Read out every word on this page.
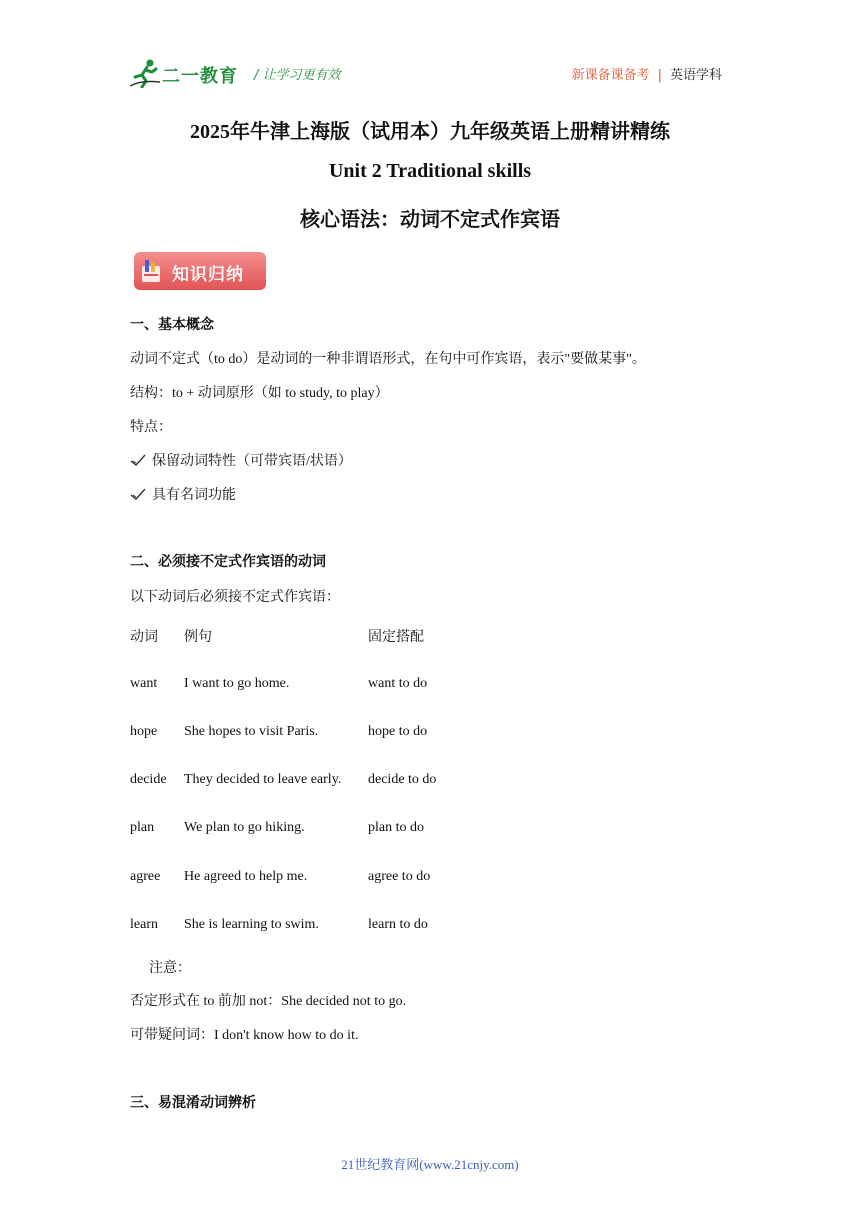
二一教育 / 让学习更有效	新课备课备考 | 英语学科
2025年牛津上海版（试用本）九年级英语上册精讲精练
Unit 2 Traditional skills
核心语法：动词不定式作宾语
知识归纳
一、基本概念
动词不定式（to do）是动词的一种非谓语形式，在句中可作宾语，表示"要做某事"。
结构：to + 动词原形（如 to study, to play）
特点：
保留动词特性（可带宾语/状语）
具有名词功能
二、必须接不定式作宾语的动词
以下动词后必须接不定式作宾语：
动词 例句	固定搭配
want I want to go home.	want to do
hope She hopes to visit Paris.	hope to do
decide They decided to leave early. decide to do
plan We plan to go hiking.	plan to do
agree He agreed to help me.	agree to do
learn She is learning to swim.	learn to do
注意：
否定形式在 to 前加 not：She decided not to go.
可带疑问词：I don't know how to do it.
三、易混淆动词辨析
21世纪教育网(www.21cnjy.com)
